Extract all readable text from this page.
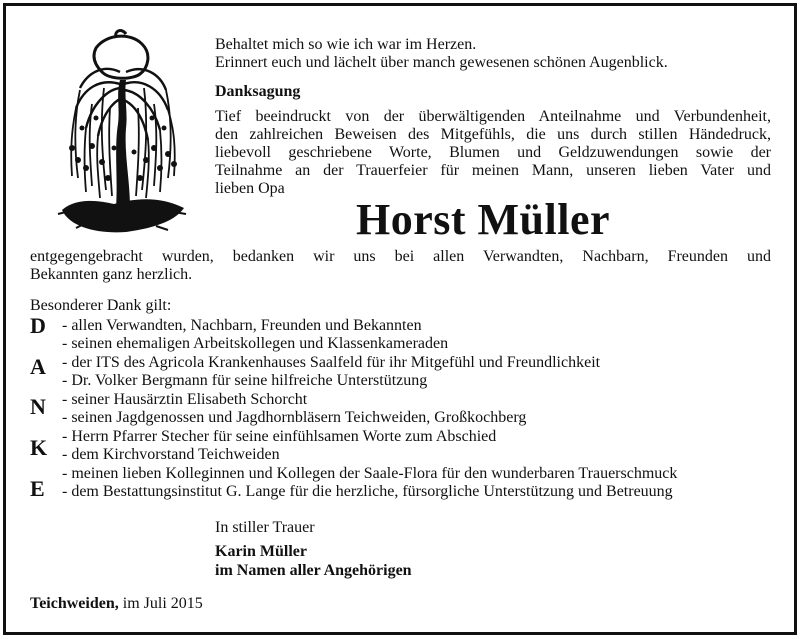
Behaltet mich so wie ich war im Herzen.
Erinnert euch und lächelt über manch gewesenen schönen Augenblick.
Danksagung
Tief beeindruckt von der überwältigenden Anteilnahme und Verbundenheit,
den zahlreichen Beweisen des Mitgefühls, die uns durch stillen Händedruck,
liebevoll geschriebene Worte, Blumen und Geldzuwendungen sowie der
Teilnahme an der Trauerfeier für meinen Mann, unseren lieben Vater und
lieben Opa
Horst Müller
entgegengebracht wurden, bedanken wir uns bei allen Verwandten, Nachbarn, Freunden und
Bekannten ganz herzlich.
Besonderer Dank gilt:
D
A
N
K
E
- allen Verwandten, Nachbarn, Freunden und Bekannten
- seinen ehemaligen Arbeitskollegen und Klassenkameraden
- der ITS des Agricola Krankenhauses Saalfeld für ihr Mitgefühl und Freundlichkeit
- Dr. Volker Bergmann für seine hilfreiche Unterstützung
- seiner Hausärztin Elisabeth Schorcht
- seinen Jagdgenossen und Jagdhornbläsern Teichweiden, Großkochberg
- Herrn Pfarrer Stecher für seine einfühlsamen Worte zum Abschied
- dem Kirchvorstand Teichweiden
- meinen lieben Kolleginnen und Kollegen der Saale-Flora für den wunderbaren Trauerschmuck
- dem Bestattungsinstitut G. Lange für die herzliche, fürsorgliche Unterstützung und Betreuung
In stiller Trauer
Karin Müller
im Namen aller Angehörigen
Teichweiden, im Juli 2015
